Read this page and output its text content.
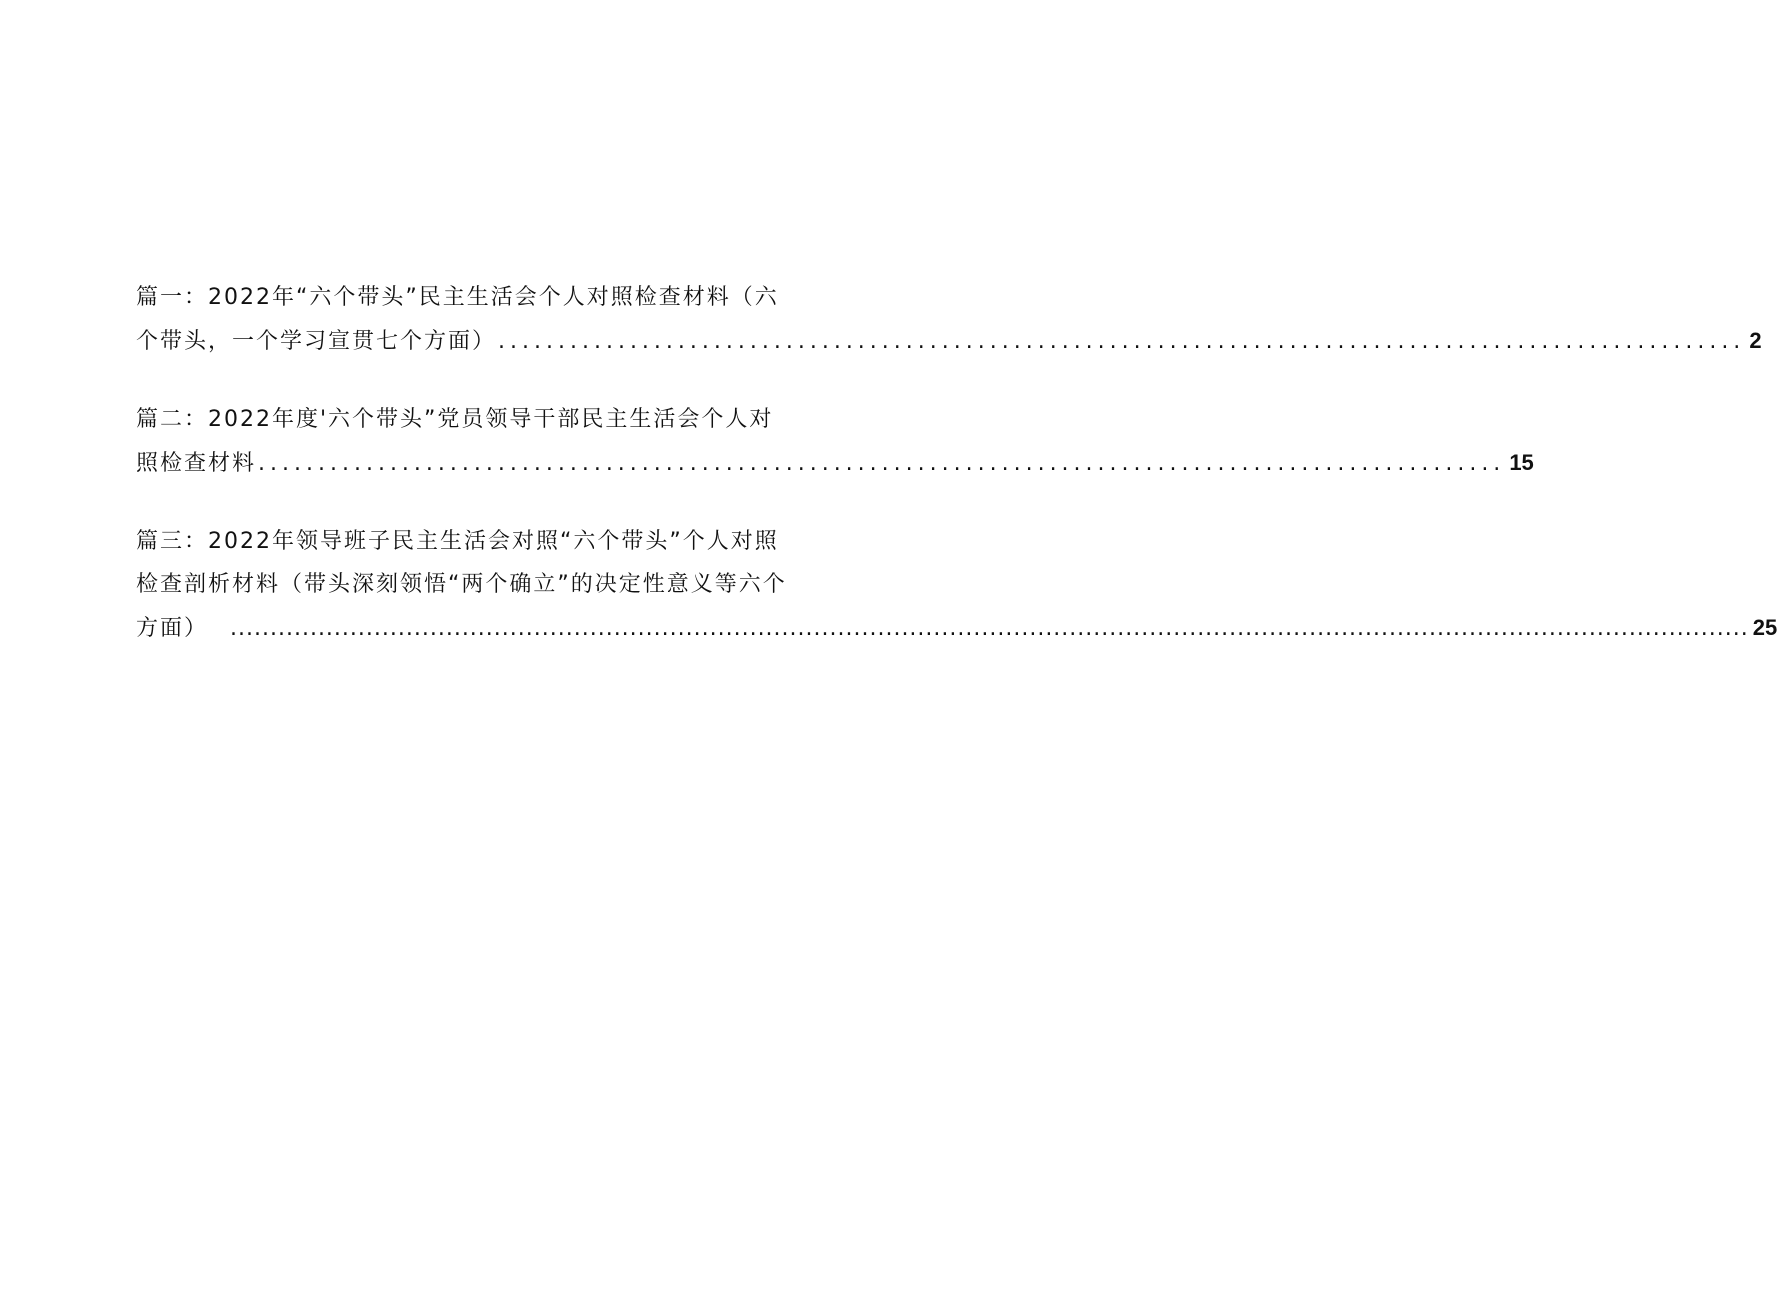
篇一：2022年“六个带头”民主生活会个人对照检查材料（六
个带头，一个学习宣贯七个方面） ........................................................................................................ 2

篇二：2022年度'六个带头”党员领导干部民主生活会个人对
照检查材料 ........................................................................................................ 15

篇三：2022年领导班子民主生活会对照“六个带头”个人对照
检查剖析材料（带头深刻领悟“两个确立”的决定性意义等六个
方面） .............................................................................................................................................................................................. 25
